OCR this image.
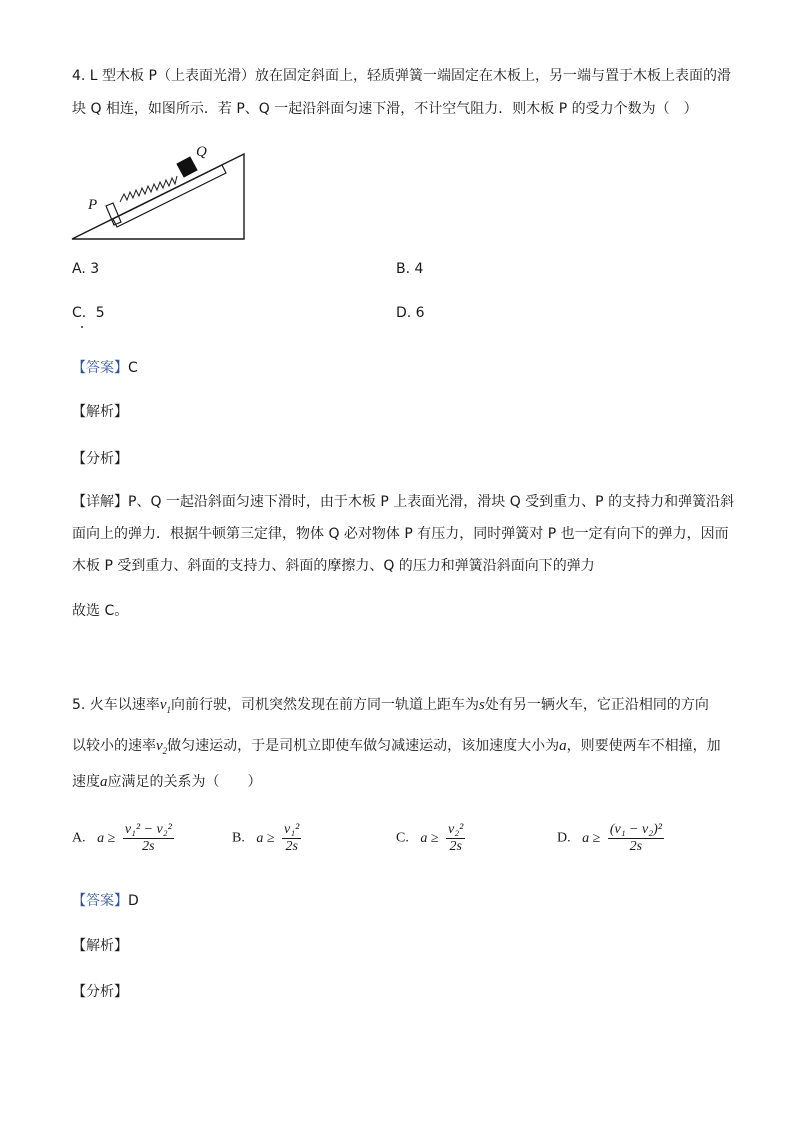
4. L 型木板 P（上表面光滑）放在固定斜面上，轻质弹簧一端固定在木板上，另一端与置于木板上表面的滑
块 Q 相连，如图所示．若 P、Q 一起沿斜面匀速下滑，不计空气阻力．则木板 P 的受力个数为（　）
P
Q
A. 3	B. 4
C．5	D. 6
【答案】C
【解析】
【分析】
【详解】P、Q 一起沿斜面匀速下滑时，由于木板 P 上表面光滑，滑块 Q 受到重力、P 的支持力和弹簧沿斜
面向上的弹力．根据牛顿第三定律，物体 Q 必对物体 P 有压力，同时弹簧对 P 也一定有向下的弹力，因而
木板 P 受到重力、斜面的支持力、斜面的摩擦力、Q 的压力和弹簧沿斜面向下的弹力
故选 C。
5. 火车以速率$v_1$向前行驶，司机突然发现在前方同一轨道上距车为s处有另一辆火车，它正沿相同的方向
以较小的速率$v_2$做匀速运动，于是司机立即使车做匀减速运动，该加速度大小为a，则要使两车不相撞，加
速度a应满足的关系为（　　）
A. $a \ge \frac{\text{v₁² − v₂²}}{2s}$	B. $a \ge \frac{\text{v₁²}}{2s}$	C. $a \ge \frac{\text{v₂²}}{2s}$	D. $a \ge \frac{\text{(v₁ − v₂)²}}{2s}$
【答案】D
【解析】
【分析】
